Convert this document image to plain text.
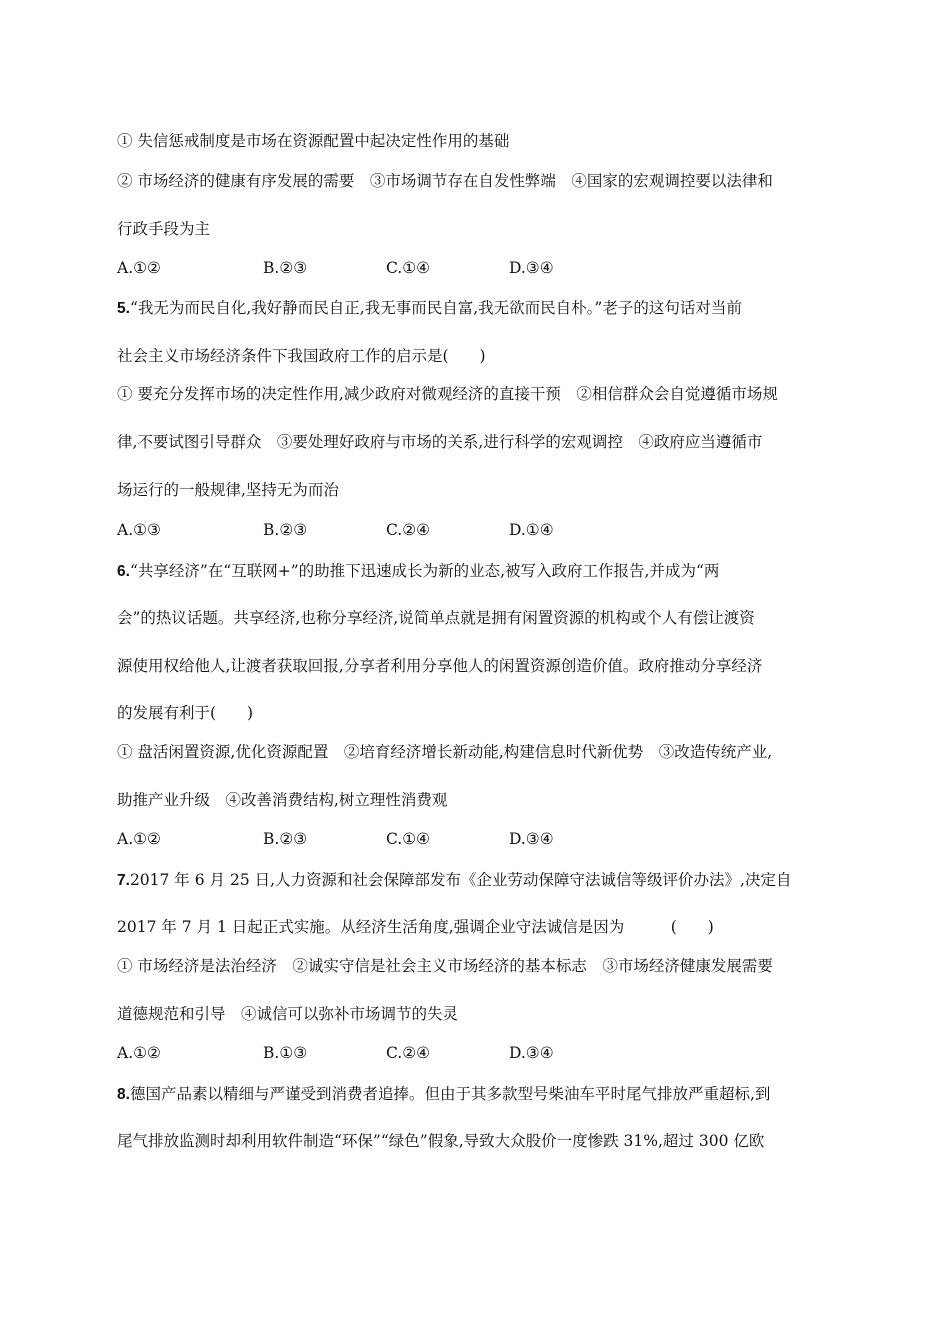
① 失信惩戒制度是市场在资源配置中起决定性作用的基础
② 市场经济的健康有序发展的需要　③市场调节存在自发性弊端　④国家的宏观调控要以法律和
行政手段为主
A.①②	B.②③	C.①④	D.③④
5.“我无为而民自化,我好静而民自正,我无事而民自富,我无欲而民自朴。”老子的这句话对当前
社会主义市场经济条件下我国政府工作的启示是(　　)
① 要充分发挥市场的决定性作用,减少政府对微观经济的直接干预　②相信群众会自觉遵循市场规
律,不要试图引导群众　③要处理好政府与市场的关系,进行科学的宏观调控　④政府应当遵循市
场运行的一般规律,坚持无为而治
A.①③	B.②③	C.②④	D.①④
6.“共享经济”在“互联网+”的助推下迅速成长为新的业态,被写入政府工作报告,并成为“两
会”的热议话题。共享经济,也称分享经济,说简单点就是拥有闲置资源的机构或个人有偿让渡资
源使用权给他人,让渡者获取回报,分享者利用分享他人的闲置资源创造价值。政府推动分享经济
的发展有利于(　　)
① 盘活闲置资源,优化资源配置　②培育经济增长新动能,构建信息时代新优势　③改造传统产业,
助推产业升级　④改善消费结构,树立理性消费观
A.①②	B.②③	C.①④	D.③④
7.2017 年 6 月 25 日,人力资源和社会保障部发布《企业劳动保障守法诚信等级评价办法》,决定自
2017 年 7 月 1 日起正式实施。从经济生活角度,强调企业守法诚信是因为　　　(　　)
① 市场经济是法治经济　②诚实守信是社会主义市场经济的基本标志　③市场经济健康发展需要
道德规范和引导　④诚信可以弥补市场调节的失灵
A.①②	B.①③	C.②④	D.③④
8.德国产品素以精细与严谨受到消费者追捧。但由于其多款型号柴油车平时尾气排放严重超标,到
尾气排放监测时却利用软件制造“环保”“绿色”假象,导致大众股价一度惨跌 31%,超过 300 亿欧
